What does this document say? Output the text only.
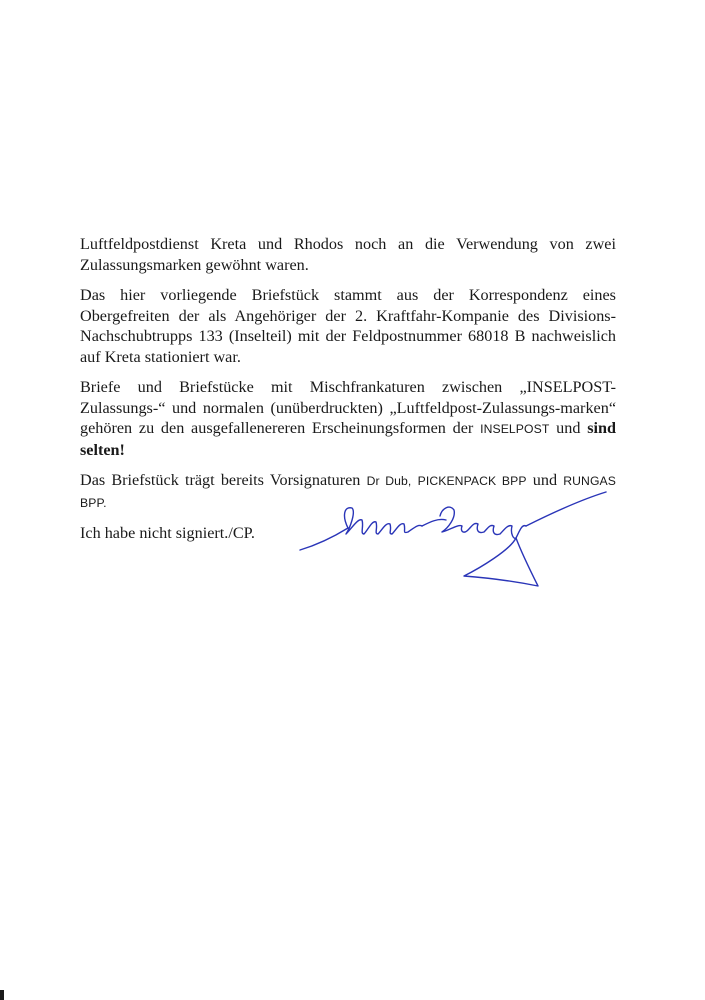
Luftfeldpostdienst Kreta und Rhodos noch an die Verwendung von zwei Zulassungsmarken gewöhnt waren.

Das hier vorliegende Briefstück stammt aus der Korrespondenz eines Obergefreiten der als Angehöriger der 2. Kraftfahr-Kompanie des Divisions-Nachschubtrupps 133 (Inselteil) mit der Feldpostnummer 68018 B nachweislich auf Kreta stationiert war.

Briefe und Briefstücke mit Mischfrankaturen zwischen „INSELPOST-Zulassungs-“ und normalen (unüberdruckten) „Luftfeldpost-Zulassungs-marken“ gehören zu den ausgefallenereren Erscheinungsformen der INSELPOST und sind selten!

Das Briefstück trägt bereits Vorsignaturen Dr Dub, PICKENPACK BPP und RUNGAS BPP.

Ich habe nicht signiert./CP.
